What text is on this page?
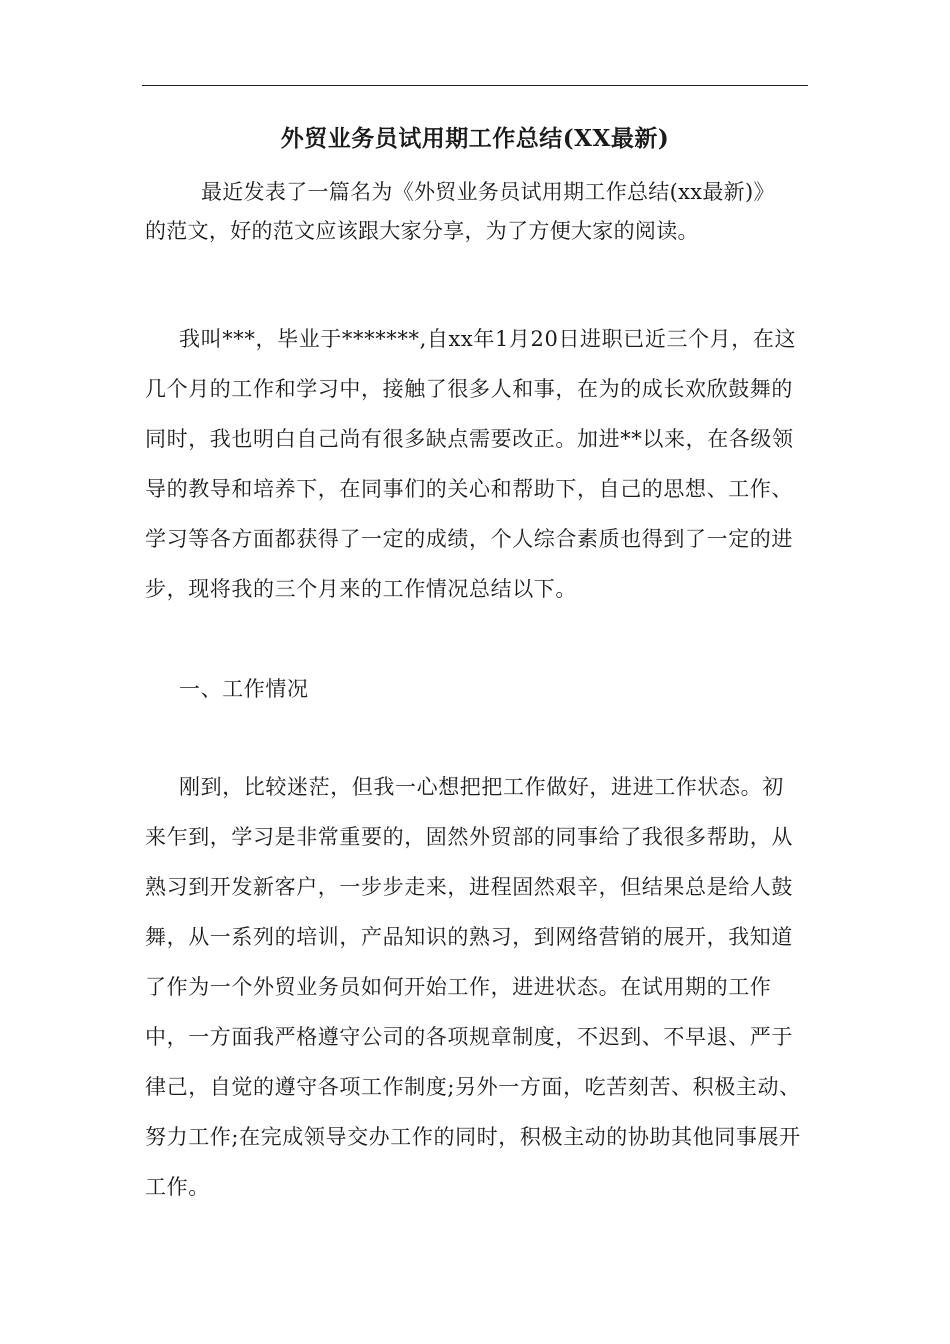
外贸业务员试用期工作总结(XX最新)

最近发表了一篇名为《外贸业务员试用期工作总结(xx最新)》的范文，好的范文应该跟大家分享，为了方便大家的阅读。

我叫***，毕业于*******,自xx年1月20日进职已近三个月，在这几个月的工作和学习中，接触了很多人和事，在为的成长欢欣鼓舞的同时，我也明白自己尚有很多缺点需要改正。加进**以来，在各级领导的教导和培养下，在同事们的关心和帮助下，自己的思想、工作、学习等各方面都获得了一定的成绩，个人综合素质也得到了一定的进步，现将我的三个月来的工作情况总结以下。

一、工作情况

刚到，比较迷茫，但我一心想把把工作做好，进进工作状态。初来乍到，学习是非常重要的，固然外贸部的同事给了我很多帮助，从熟习到开发新客户，一步步走来，进程固然艰辛，但结果总是给人鼓舞，从一系列的培训，产品知识的熟习，到网络营销的展开，我知道了作为一个外贸业务员如何开始工作，进进状态。在试用期的工作中，一方面我严格遵守公司的各项规章制度，不迟到、不早退、严于律己，自觉的遵守各项工作制度;另外一方面，吃苦刻苦、积极主动、努力工作;在完成领导交办工作的同时，积极主动的协助其他同事展开工作。
